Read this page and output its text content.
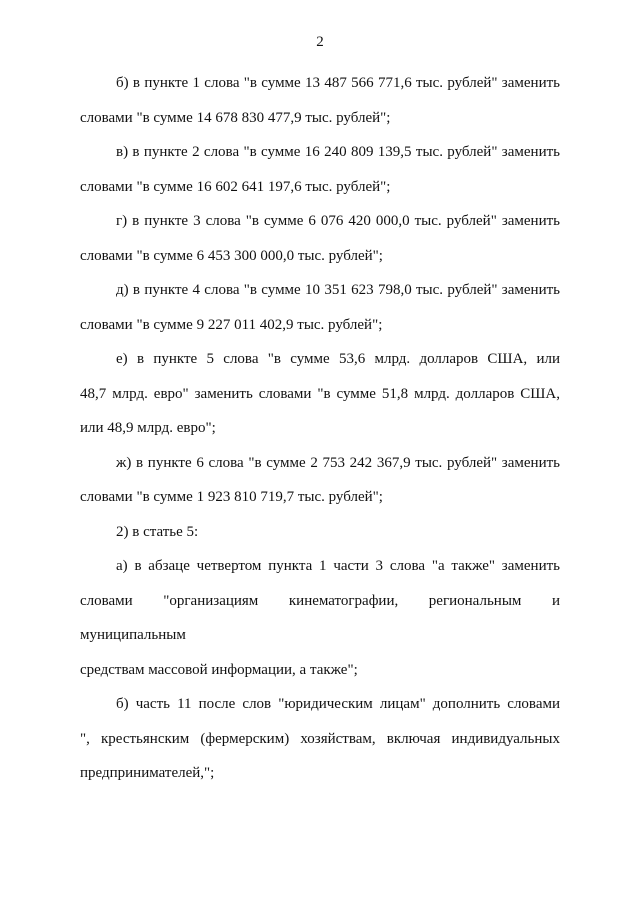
2
б) в пункте 1 слова "в сумме 13 487 566 771,6 тыс. рублей" заменить
словами "в сумме 14 678 830 477,9 тыс. рублей";
в) в пункте 2 слова "в сумме 16 240 809 139,5 тыс. рублей" заменить
словами "в сумме 16 602 641 197,6 тыс. рублей";
г) в пункте 3 слова "в сумме 6 076 420 000,0 тыс. рублей" заменить
словами "в сумме 6 453 300 000,0 тыс. рублей";
д) в пункте 4 слова "в сумме 10 351 623 798,0 тыс. рублей" заменить
словами "в сумме 9 227 011 402,9 тыс. рублей";
е) в пункте 5 слова "в сумме 53,6 млрд. долларов США, или
48,7 млрд. евро" заменить словами "в сумме 51,8 млрд. долларов США,
или 48,9 млрд. евро";
ж) в пункте 6 слова "в сумме 2 753 242 367,9 тыс. рублей" заменить
словами "в сумме 1 923 810 719,7 тыс. рублей";
2) в статье 5:
а) в абзаце четвертом пункта 1 части 3 слова "а также" заменить
словами "организациям кинематографии, региональным и муниципальным
средствам массовой информации, а также";
б) часть 11 после слов "юридическим лицам" дополнить словами
", крестьянским (фермерским) хозяйствам, включая индивидуальных
предпринимателей,";
